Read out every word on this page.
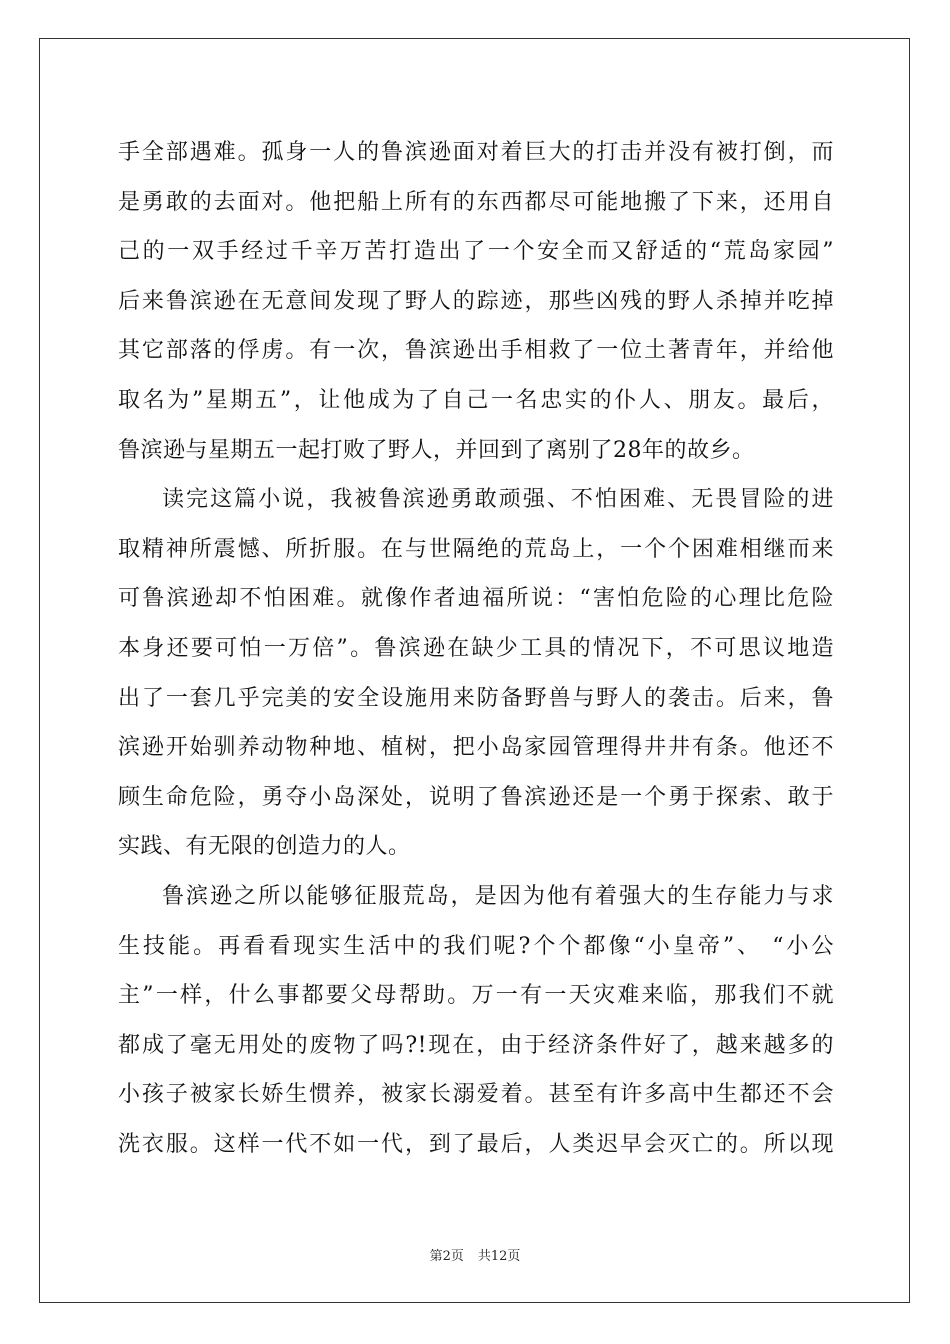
手全部遇难。孤身一人的鲁滨逊面对着巨大的打击并没有被打倒，而
是勇敢的去面对。他把船上所有的东西都尽可能地搬了下来，还用自
己的一双手经过千辛万苦打造出了一个安全而又舒适的“荒岛家园”
后来鲁滨逊在无意间发现了野人的踪迹，那些凶残的野人杀掉并吃掉
其它部落的俘虏。有一次，鲁滨逊出手相救了一位土著青年，并给他
取名为”星期五”，让他成为了自己一名忠实的仆人、朋友。最后，
鲁滨逊与星期五一起打败了野人，并回到了离别了28年的故乡。
读完这篇小说，我被鲁滨逊勇敢顽强、不怕困难、无畏冒险的进
取精神所震憾、所折服。在与世隔绝的荒岛上，一个个困难相继而来
可鲁滨逊却不怕困难。就像作者迪福所说：“害怕危险的心理比危险
本身还要可怕一万倍”。鲁滨逊在缺少工具的情况下，不可思议地造
出了一套几乎完美的安全设施用来防备野兽与野人的袭击。后来，鲁
滨逊开始驯养动物种地、植树，把小岛家园管理得井井有条。他还不
顾生命危险，勇夺小岛深处，说明了鲁滨逊还是一个勇于探索、敢于
实践、有无限的创造力的人。
鲁滨逊之所以能够征服荒岛，是因为他有着强大的生存能力与求
生技能。再看看现实生活中的我们呢?个个都像“小皇帝”、 “小公
主”一样，什么事都要父母帮助。万一有一天灾难来临，那我们不就
都成了毫无用处的废物了吗?!现在，由于经济条件好了，越来越多的
小孩子被家长娇生惯养，被家长溺爱着。甚至有许多高中生都还不会
洗衣服。这样一代不如一代，到了最后，人类迟早会灭亡的。所以现
第2页 共12页
